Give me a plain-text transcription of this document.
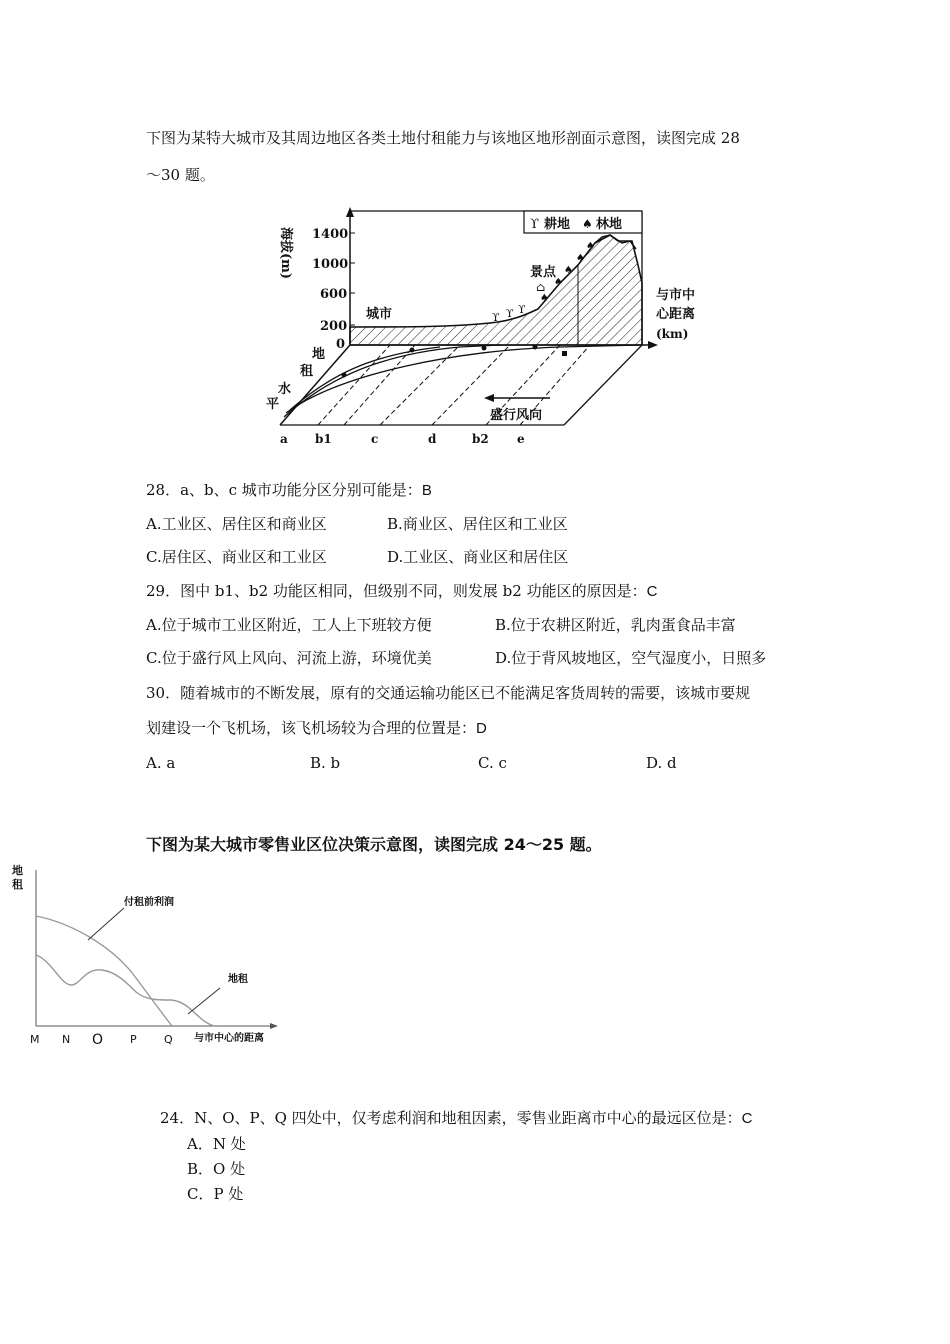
下图为某特大城市及其周边地区各类土地付租能力与该地区地形剖面示意图，读图完成 28
～30 题。
1400
1000
600
200
0
海拔(m)
ϒ 耕地 ♠ 林地
城市
景点
⌂
ϒ ϒ ϒ
♠
♠
♠
♠
♠
与市中
心距离
(km)
地
租
水
平
盛行风向
a b1	c	d	b2 e
28．a、b、c 城市功能分区分别可能是：B
A.工业区、居住区和商业区	B.商业区、居住区和工业区
C.居住区、商业区和工业区	D.工业区、商业区和居住区
29．图中 b1、b2 功能区相同，但级别不同，则发展 b2 功能区的原因是：C
A.位于城市工业区附近，工人上下班较方便	B.位于农耕区附近，乳肉蛋食品丰富
C.位于盛行风上风向、河流上游，环境优美	D.位于背风坡地区，空气湿度小，日照多
30．随着城市的不断发展，原有的交通运输功能区已不能满足客货周转的需要，该城市要规
划建设一个飞机场，该飞机场较为合理的位置是：D
A. a	B. b	C. c	D. d
下图为某大城市零售业区位决策示意图，读图完成 24～25 题。
地
租
付租前利润
地租
M N O P Q 与市中心的距离
24．N、O、P、Q 四处中，仅考虑利润和地租因素，零售业距离市中心的最远区位是：C
A．N 处
B．O 处
C．P 处
